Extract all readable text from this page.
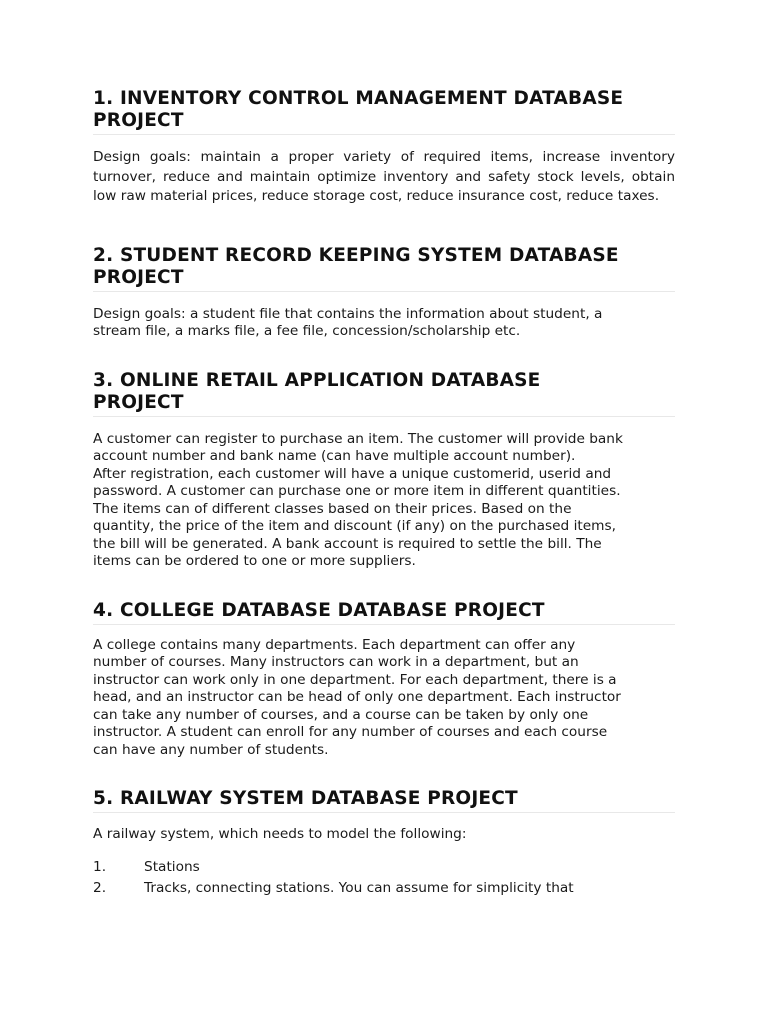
1. INVENTORY CONTROL MANAGEMENT DATABASE
PROJECT

Design goals: maintain a proper variety of required items, increase inventory turnover, reduce and maintain optimize inventory and safety stock levels, obtain low raw material prices, reduce storage cost, reduce insurance cost, reduce taxes.

2. STUDENT RECORD KEEPING SYSTEM DATABASE
PROJECT

Design goals: a student file that contains the information about student, a
stream file, a marks file, a fee file, concession/scholarship etc.

3. ONLINE RETAIL APPLICATION DATABASE
PROJECT

A customer can register to purchase an item. The customer will provide bank
account number and bank name (can have multiple account number).
After registration, each customer will have a unique customerid, userid and
password. A customer can purchase one or more item in different quantities.
The items can of different classes based on their prices. Based on the
quantity, the price of the item and discount (if any) on the purchased items,
the bill will be generated. A bank account is required to settle the bill. The
items can be ordered to one or more suppliers.

4. COLLEGE DATABASE DATABASE PROJECT

A college contains many departments. Each department can offer any
number of courses. Many instructors can work in a department, but an
instructor can work only in one department. For each department, there is a
head, and an instructor can be head of only one department. Each instructor
can take any number of courses, and a course can be taken by only one
instructor. A student can enroll for any number of courses and each course
can have any number of students.

5. RAILWAY SYSTEM DATABASE PROJECT

A railway system, which needs to model the following:

1.	Stations
2.	Tracks, connecting stations. You can assume for simplicity that
